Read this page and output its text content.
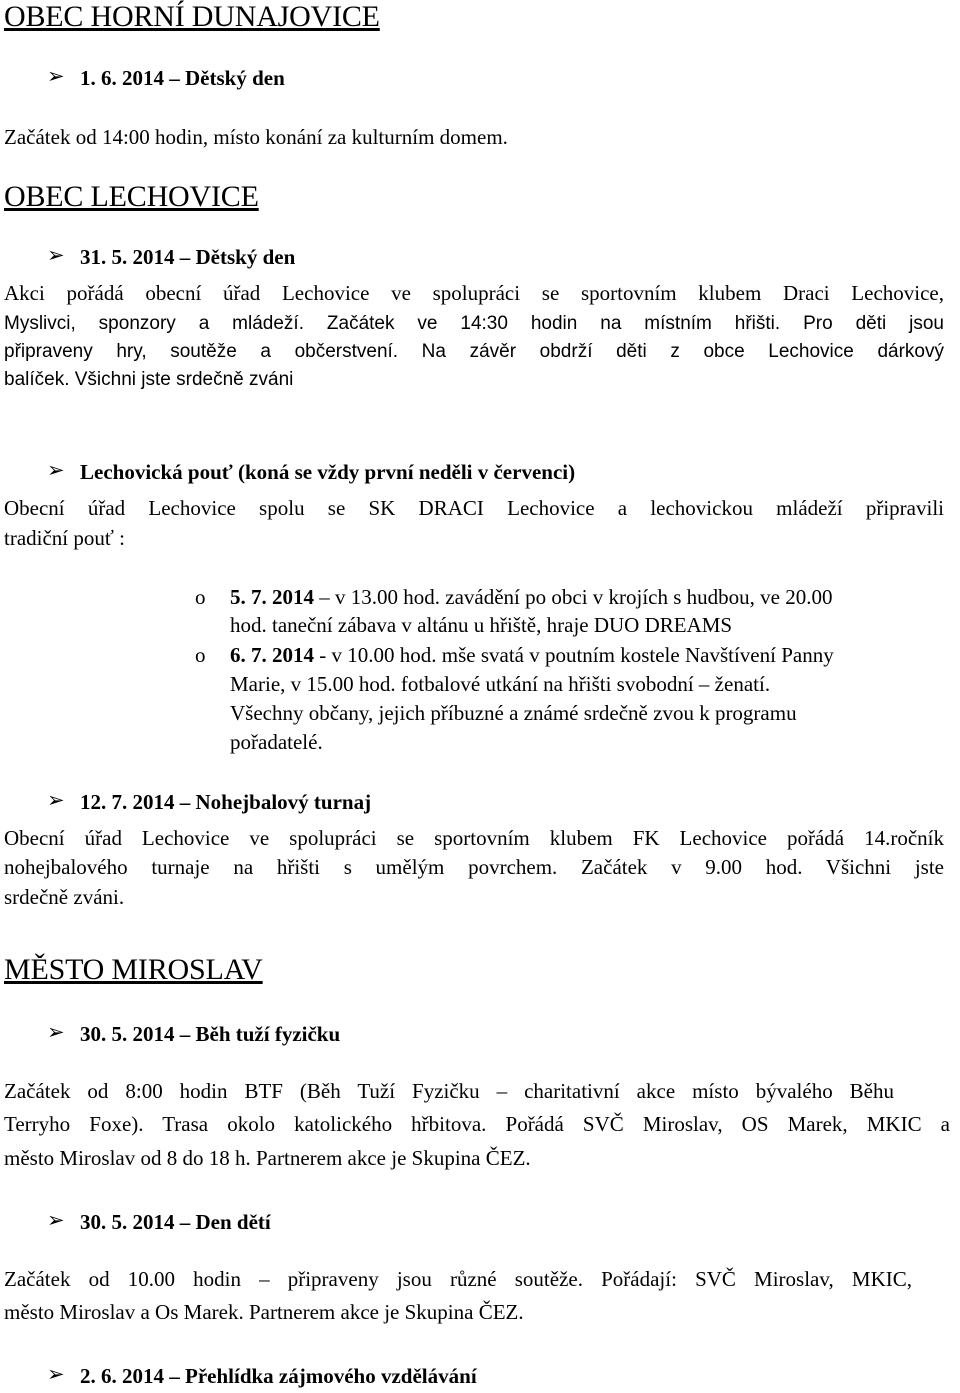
OBEC HORNÍ DUNAJOVICE
➢ 1. 6. 2014 – Dětský den
Začátek od 14:00 hodin, místo konání za kulturním domem.
OBEC LECHOVICE
➢ 31. 5. 2014 – Dětský den
Akci pořádá obecní úřad Lechovice ve spolupráci se sportovním klubem Draci Lechovice,
Myslivci, sponzory a mládeží. Začátek ve 14:30 hodin na místním hřišti. Pro děti jsou
připraveny hry, soutěže a občerstvení. Na závěr obdrží děti z obce Lechovice dárkový
balíček. Všichni jste srdečně zváni
➢ Lechovická pouť (koná se vždy první neděli v červenci)
Obecní úřad Lechovice spolu se SK DRACI Lechovice a lechovickou mládeží připravili
tradiční pouť :
o 5. 7. 2014 – v 13.00 hod. zavádění po obci v krojích s hudbou, ve 20.00
hod. taneční zábava v altánu u hřiště, hraje DUO DREAMS
o 6. 7. 2014 - v 10.00 hod. mše svatá v poutním kostele Navštívení Panny
Marie, v 15.00 hod. fotbalové utkání na hřišti svobodní – ženatí.
Všechny občany, jejich příbuzné a známé srdečně zvou k programu
pořadatelé.
➢ 12. 7. 2014 – Nohejbalový turnaj
Obecní úřad Lechovice ve spolupráci se sportovním klubem FK Lechovice pořádá 14.ročník
nohejbalového turnaje na hřišti s umělým povrchem. Začátek v 9.00 hod. Všichni jste
srdečně zváni.
MĚSTO MIROSLAV
➢ 30. 5. 2014 – Běh tuží fyzičku
Začátek od 8:00 hodin BTF (Běh Tuží Fyzičku – charitativní akce místo bývalého Běhu
Terryho Foxe). Trasa okolo katolického hřbitova. Pořádá SVČ Miroslav, OS Marek, MKIC a
město Miroslav od 8 do 18 h. Partnerem akce je Skupina ČEZ.
➢ 30. 5. 2014 – Den dětí
Začátek od 10.00 hodin – připraveny jsou různé soutěže. Pořádají: SVČ Miroslav, MKIC,
město Miroslav a Os Marek. Partnerem akce je Skupina ČEZ.
➢ 2. 6. 2014 – Přehlídka zájmového vzdělávání
